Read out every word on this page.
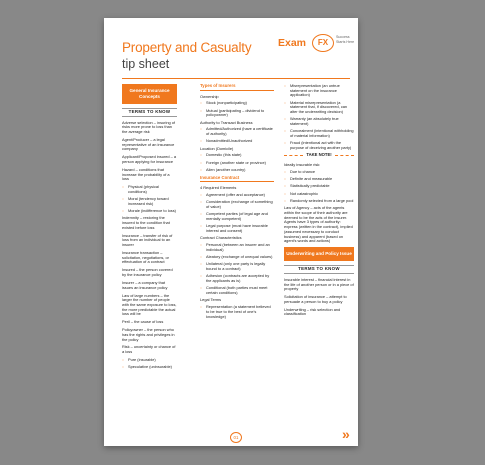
Property and Casualty
tip sheet
Exam	FX
Success Starts Here
General Insurance Concepts
TERMS TO KNOW
Adverse selection – insuring of risks more prone to loss than the average risk
Agent/Producer – a legal representative of an insurance company
Applicant/Proposed insured – a person applying for insurance
Hazard – conditions that increase the probability of a loss
○ Physical (physical conditions)
○ Moral (tendency toward increased risk)
○ Morale (indifference to loss)
Indemnity – restoring the insured to the condition that existed before loss
Insurance – transfer of risk of loss from an individual to an insurer
Insurance transaction – solicitation, negotiations, or effectuation of a contract
Insured – the person covered by the insurance policy
Insurer – a company that issues an insurance policy
Law of large numbers – the larger the number of people with the same exposure to loss, the more predictable the actual loss will be
Peril – the cause of loss
Policyowner – the person who has the rights and privileges in the policy
Risk – uncertainty or chance of a loss
○ Pure (insurable)
○ Speculative (uninsurable)
Types of Insurers
Ownership
○ Stock (nonparticipating)
○ Mutual (participating – dividend to policyowner)
Authority to Transact Business
○ Admitted/Authorized (have a certificate of authority)
○ Nonadmitted/Unauthorized
Location (Domicile)
○ Domestic (this state)
○ Foreign (another state or province)
○ Alien (another country)
Insurance Contract
4 Required Elements
○ Agreement (offer and acceptance)
○ Consideration (exchange of something of value)
○ Competent parties (of legal age and mentally competent)
○ Legal purpose (must have insurable interest and consent)
Contract Characteristics
○ Personal (between an insurer and an individual)
○ Aleatory (exchange of unequal values)
○ Unilateral (only one party is legally bound to a contract)
○ Adhesion (contracts are accepted by the applicants as is)
○ Conditional (both parties must meet certain conditions)
Legal Terms
○ Representation (a statement believed to be true to the best of one's knowledge)
○ Misrepresentation (an untrue statement on the insurance application)
○ Material misrepresentation (a statement that, if discovered, can alter the underwriting decision)
○ Warranty (an absolutely true statement)
○ Concealment (intentional withholding of material information)
○ Fraud (intentional act with the purpose of deceiving another party)
TAKE NOTE!
Ideally insurable risk:
○ Due to chance
○ Definite and measurable
○ Statistically predictable
○ Not catastrophic
○ Randomly selected from a large pool
Law of Agency – acts of the agents within the scope of their authority are deemed to be the acts of the insurer. Agents have 3 types of authority: express (written in the contract), implied (assumed necessary to conduct business) and apparent (based on agent's words and actions)
Underwriting and Policy Issue
TERMS TO KNOW
Insurable interest – financial interest in the life of another person or in a piece of property
Solicitation of insurance – attempt to persuade a person to buy a policy
Underwriting – risk selection and classification
01	»
